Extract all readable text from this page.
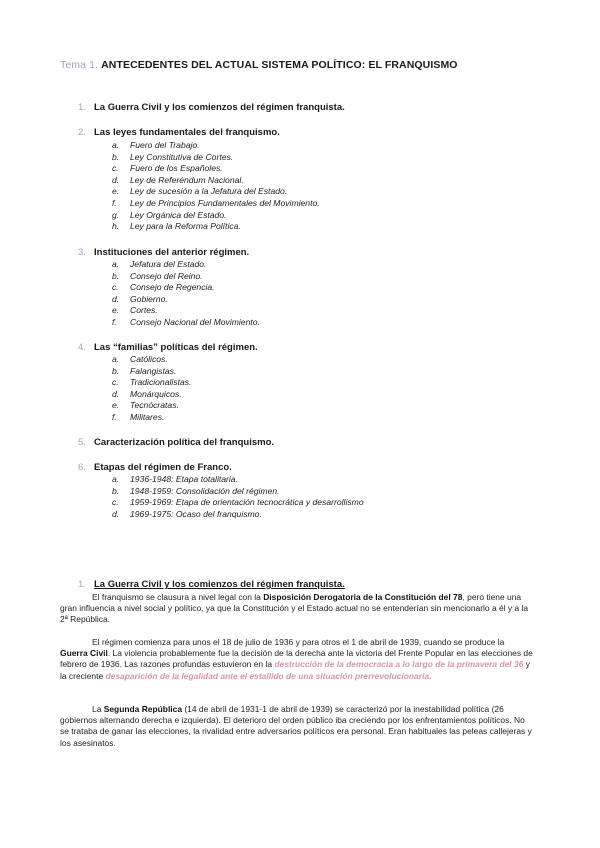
Tema 1. ANTECEDENTES DEL ACTUAL SISTEMA POLÍTICO: EL FRANQUISMO
1. La Guerra Civil y los comienzos del régimen franquista.
2. Las leyes fundamentales del franquismo.
a. Fuero del Trabajo.
b. Ley Constitutiva de Cortes.
c. Fuero de los Españoles.
d. Ley de Referéndum Nacional.
e. Ley de sucesión a la Jefatura del Estado.
f. Ley de Principios Fundamentales del Movimiento.
g. Ley Orgánica del Estado.
h. Ley para la Reforma Política.
3. Instituciones del anterior régimen.
a. Jefatura del Estado.
b. Consejo del Reino.
c. Consejo de Regencia.
d. Gobierno.
e. Cortes.
f. Consejo Nacional del Movimiento.
4. Las “familias” políticas del régimen.
a. Católicos.
b. Falangistas.
c. Tradicionalistas.
d. Monárquicos.
e. Tecnócratas.
f. Militares.
5. Caracterización política del franquismo.
6. Etapas del régimen de Franco.
a. 1936-1948: Etapa totalitaria.
b. 1948-1959: Consolidación del régimen.
c. 1959-1969: Etapa de orientación tecnocrática y desarrollismo
d. 1969-1975: Ocaso del franquismo.
1. La Guerra Civil y los comienzos del régimen franquista.
El franquismo se clausura a nivel legal con la Disposición Derogatoria de la Constitución del 78, pero tiene una gran influencia a nivel social y político, ya que la Constitución y el Estado actual no se entenderían sin mencionarlo a él y a la 2ª República.
El régimen comienza para unos el 18 de julio de 1936 y para otros el 1 de abril de 1939, cuando se produce la Guerra Civil. La violencia probablemente fue la decisión de la derecha ante la victoria del Frente Popular en las elecciones de febrero de 1936. Las razones profundas estuvieron en la destrucción de la democracia a lo largo de la primavera del 36 y la creciente desaparición de la legalidad ante el estallido de una situación prerrevolucionaria.
La Segunda República (14 de abril de 1931-1 de abril de 1939) se caracterizó por la inestabilidad política (26 gobiernos alternando derecha e izquierda). El deterioro del orden público iba creciendo por los enfrentamientos políticos. No se trataba de ganar las elecciones, la rivalidad entre adversarios políticos era personal. Eran habituales las peleas callejeras y los asesinatos.
